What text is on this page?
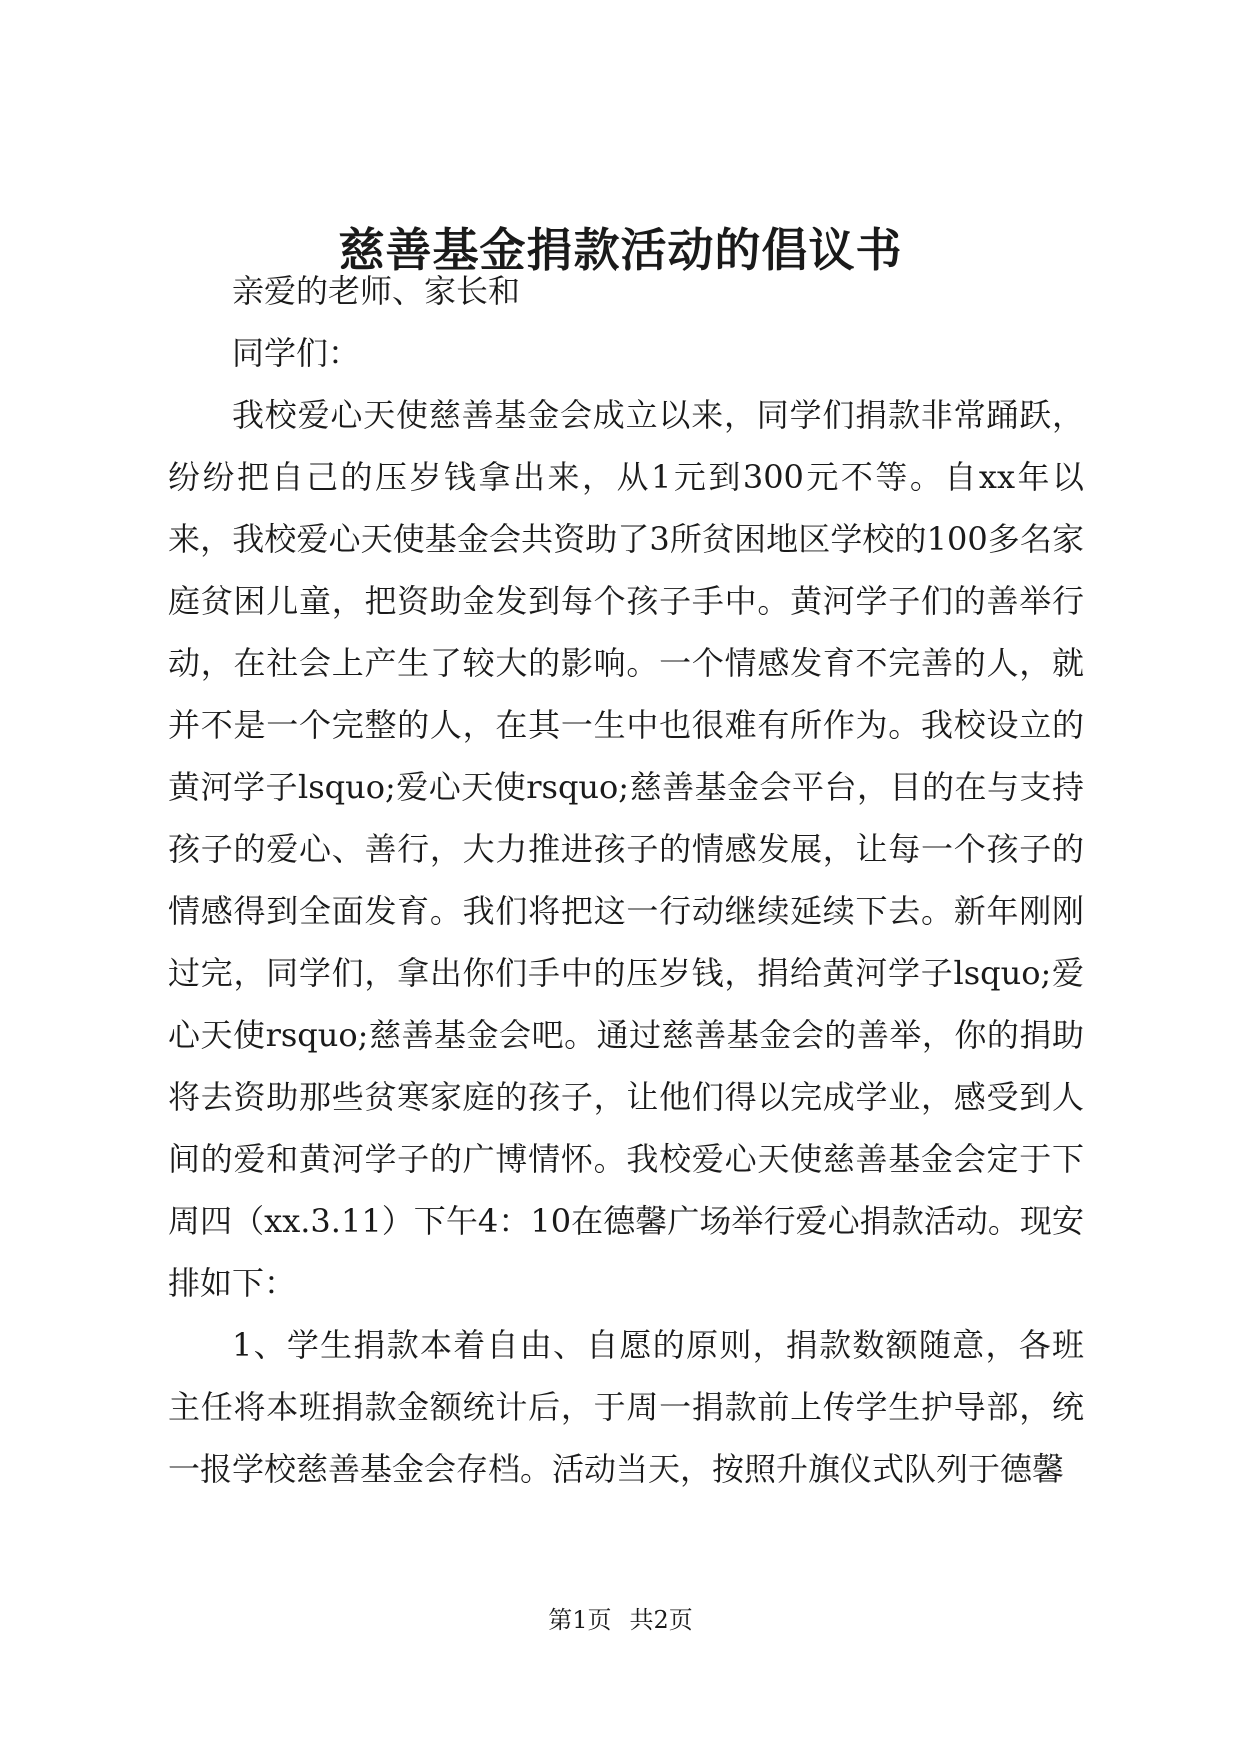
慈善基金捐款活动的倡议书

亲爱的老师、家长和

同学们：

我校爱心天使慈善基金会成立以来，同学们捐款非常踊跃，纷纷把自己的压岁钱拿出来，从1元到300元不等。自xx年以来，我校爱心天使基金会共资助了3所贫困地区学校的100多名家庭贫困儿童，把资助金发到每个孩子手中。黄河学子们的善举行动，在社会上产生了较大的影响。一个情感发育不完善的人，就并不是一个完整的人，在其一生中也很难有所作为。我校设立的黄河学子lsquo;爱心天使rsquo;慈善基金会平台，目的在与支持孩子的爱心、善行，大力推进孩子的情感发展，让每一个孩子的情感得到全面发育。我们将把这一行动继续延续下去。新年刚刚过完，同学们，拿出你们手中的压岁钱，捐给黄河学子lsquo;爱心天使rsquo;慈善基金会吧。通过慈善基金会的善举，你的捐助将去资助那些贫寒家庭的孩子，让他们得以完成学业，感受到人间的爱和黄河学子的广博情怀。我校爱心天使慈善基金会定于下周四（xx.3.11）下午4：10在德馨广场举行爱心捐款活动。现安排如下：

1、学生捐款本着自由、自愿的原则，捐款数额随意，各班主任将本班捐款金额统计后，于周一捐款前上传学生护导部，统一报学校慈善基金会存档。活动当天，按照升旗仪式队列于德馨

第1页 共2页
